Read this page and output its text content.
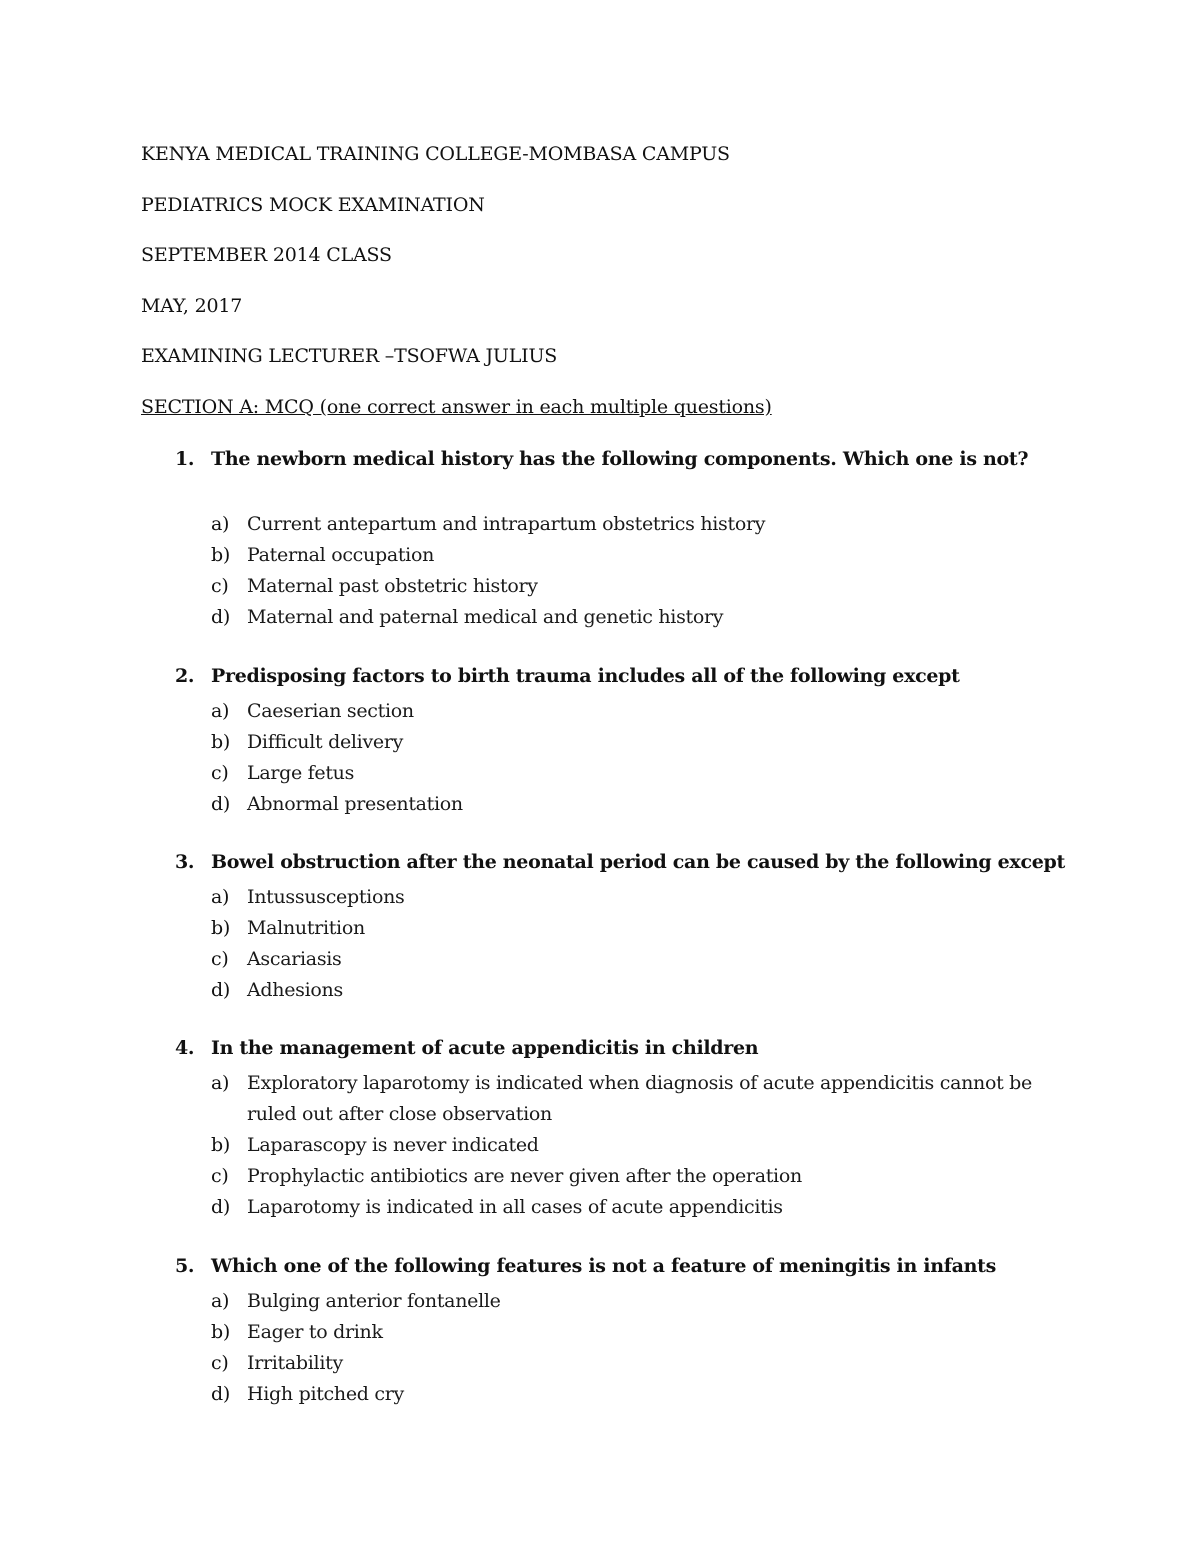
KENYA MEDICAL TRAINING COLLEGE-MOMBASA CAMPUS
PEDIATRICS MOCK EXAMINATION
SEPTEMBER 2014 CLASS
MAY, 2017
EXAMINING LECTURER –TSOFWA JULIUS
SECTION A: MCQ (one correct answer in each multiple questions)
1. The newborn medical history has the following components. Which one is not?
a) Current antepartum and intrapartum obstetrics history
b) Paternal occupation
c) Maternal past obstetric history
d) Maternal and paternal medical and genetic history
2. Predisposing factors to birth trauma includes all of the following except
a) Caeserian section
b) Difficult delivery
c) Large fetus
d) Abnormal presentation
3. Bowel obstruction after the neonatal period can be caused by the following except
a) Intussusceptions
b) Malnutrition
c) Ascariasis
d) Adhesions
4. In the management of acute appendicitis in children
a) Exploratory laparotomy is indicated when diagnosis of acute appendicitis cannot be ruled out after close observation
b) Laparascopy is never indicated
c) Prophylactic antibiotics are never given after the operation
d) Laparotomy is indicated in all cases of acute appendicitis
5. Which one of the following features is not a feature of meningitis in infants
a) Bulging anterior fontanelle
b) Eager to drink
c) Irritability
d) High pitched cry
